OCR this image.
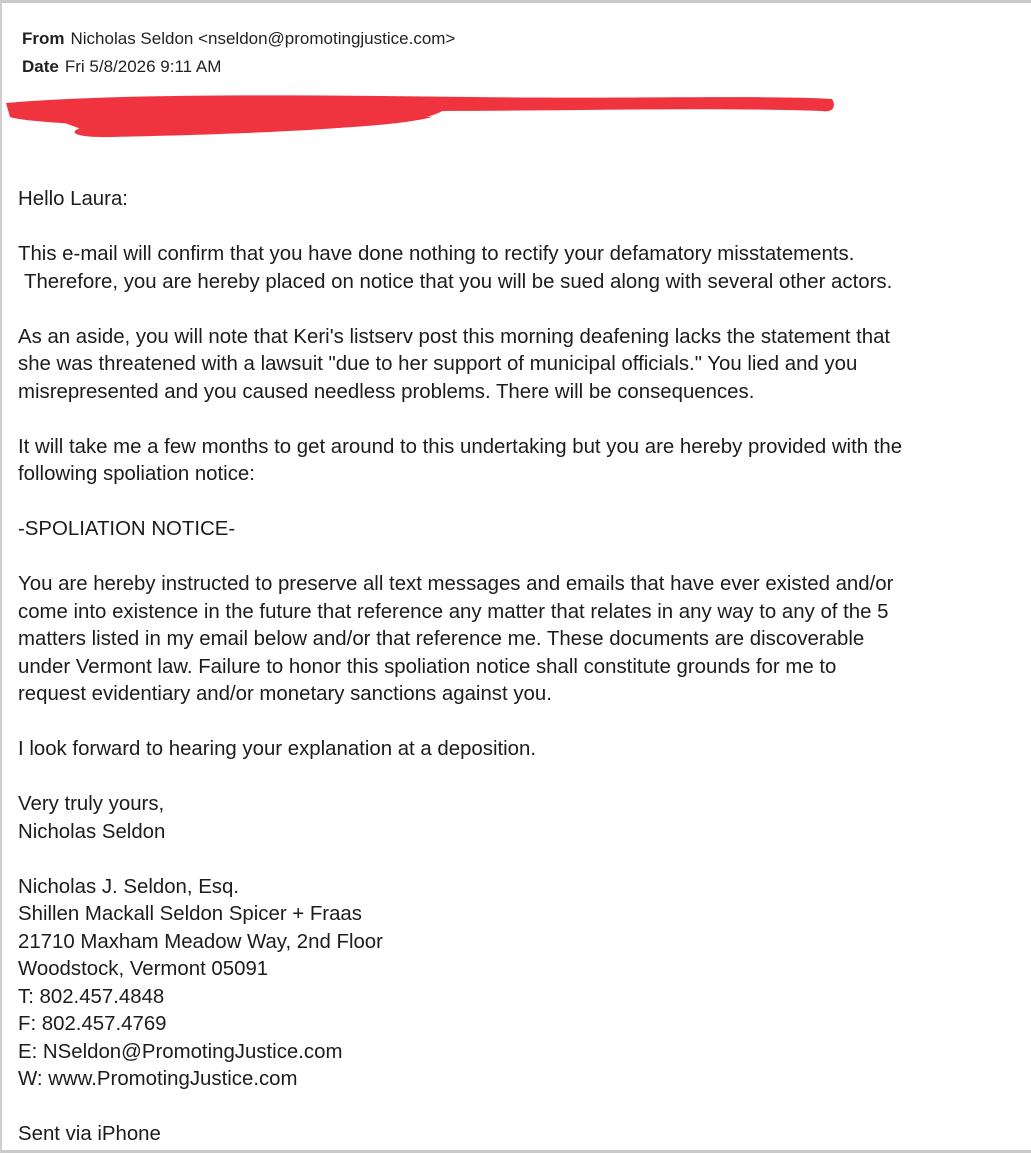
From Nicholas Seldon <nseldon@promotingjustice.com>
Date Fri 5/8/2026 9:11 AM

Hello Laura:

This e-mail will confirm that you have done nothing to rectify your defamatory misstatements.
Therefore, you are hereby placed on notice that you will be sued along with several other actors.

As an aside, you will note that Keri's listserv post this morning deafening lacks the statement that
she was threatened with a lawsuit "due to her support of municipal officials." You lied and you
misrepresented and you caused needless problems. There will be consequences.

It will take me a few months to get around to this undertaking but you are hereby provided with the
following spoliation notice:

-SPOLIATION NOTICE-

You are hereby instructed to preserve all text messages and emails that have ever existed and/or
come into existence in the future that reference any matter that relates in any way to any of the 5
matters listed in my email below and/or that reference me. These documents are discoverable
under Vermont law. Failure to honor this spoliation notice shall constitute grounds for me to
request evidentiary and/or monetary sanctions against you.

I look forward to hearing your explanation at a deposition.

Very truly yours,
Nicholas Seldon

Nicholas J. Seldon, Esq.
Shillen Mackall Seldon Spicer + Fraas
21710 Maxham Meadow Way, 2nd Floor
Woodstock, Vermont 05091
T: 802.457.4848
F: 802.457.4769
E: NSeldon@PromotingJustice.com
W: www.PromotingJustice.com

Sent via iPhone
